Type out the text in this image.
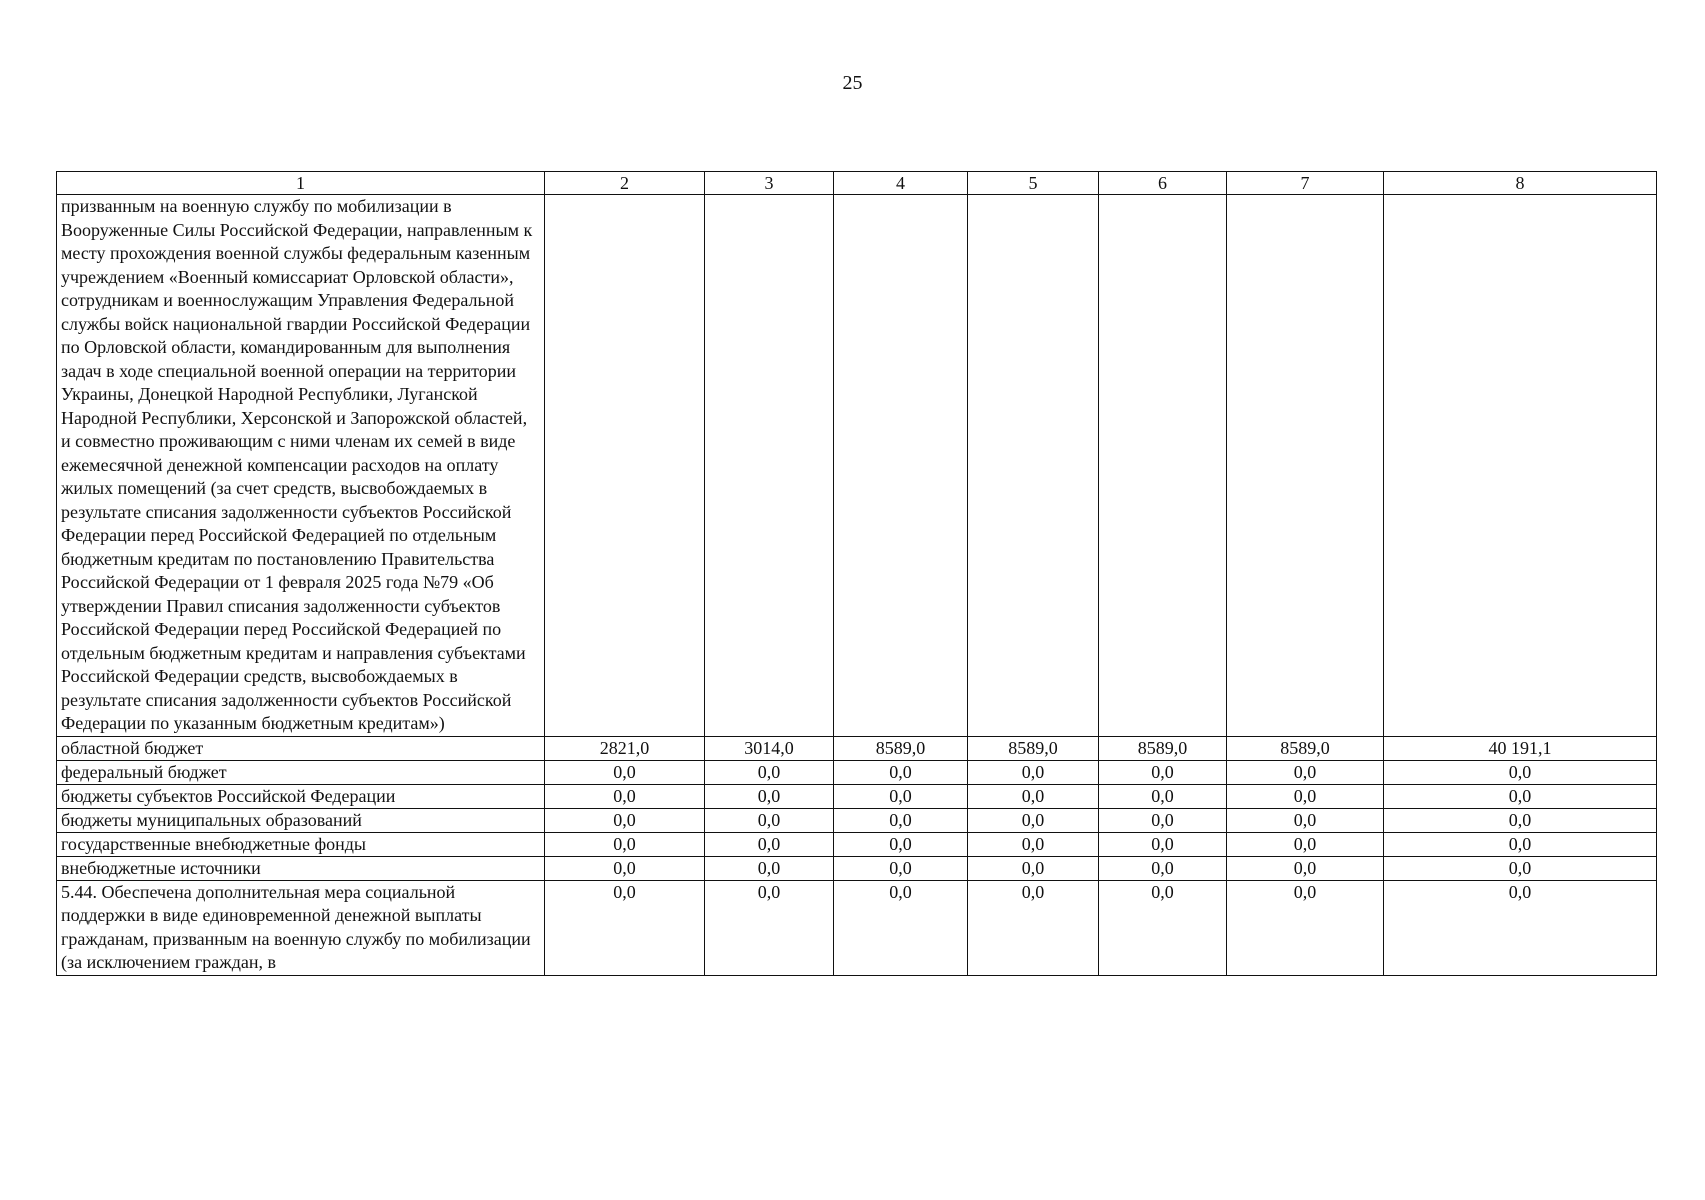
25
1	2	3	4	5	6	7	8
призванным на военную службу по мобилизации в Вооруженные Силы Российской Федерации, направленным к месту прохождения военной службы федеральным казенным учреждением «Военный комиссариат Орловской области», сотрудникам и военнослужащим Управления Федеральной службы войск национальной гвардии Российской Федерации по Орловской области, командированным для выполнения задач в ходе специальной военной операции на территории Украины, Донецкой Народной Республики, Луганской Народной Республики, Херсонской и Запорожской областей, и совместно проживающим с ними членам их семей в виде ежемесячной денежной компенсации расходов на оплату жилых помещений (за счет средств, высвобождаемых в результате списания задолженности субъектов Российской Федерации перед Российской Федерацией по отдельным бюджетным кредитам по постановлению Правительства Российской Федерации от 1 февраля 2025 года №79 «Об утверждении Правил списания задолженности субъектов Российской Федерации перед Российской Федерацией по отдельным бюджетным кредитам и направления субъектами Российской Федерации средств, высвобождаемых в результате списания задолженности субъектов Российской Федерации по указанным бюджетным кредитам»)							
областной бюджет	2821,0	3014,0	8589,0	8589,0	8589,0	8589,0	40 191,1
федеральный бюджет	0,0	0,0	0,0	0,0	0,0	0,0	0,0
бюджеты субъектов Российской Федерации	0,0	0,0	0,0	0,0	0,0	0,0	0,0
бюджеты муниципальных образований	0,0	0,0	0,0	0,0	0,0	0,0	0,0
государственные внебюджетные фонды	0,0	0,0	0,0	0,0	0,0	0,0	0,0
внебюджетные источники	0,0	0,0	0,0	0,0	0,0	0,0	0,0
5.44. Обеспечена дополнительная мера социальной поддержки в виде единовременной денежной выплаты гражданам, призванным на военную службу по мобилизации (за исключением граждан, в	0,0	0,0	0,0	0,0	0,0	0,0	0,0
